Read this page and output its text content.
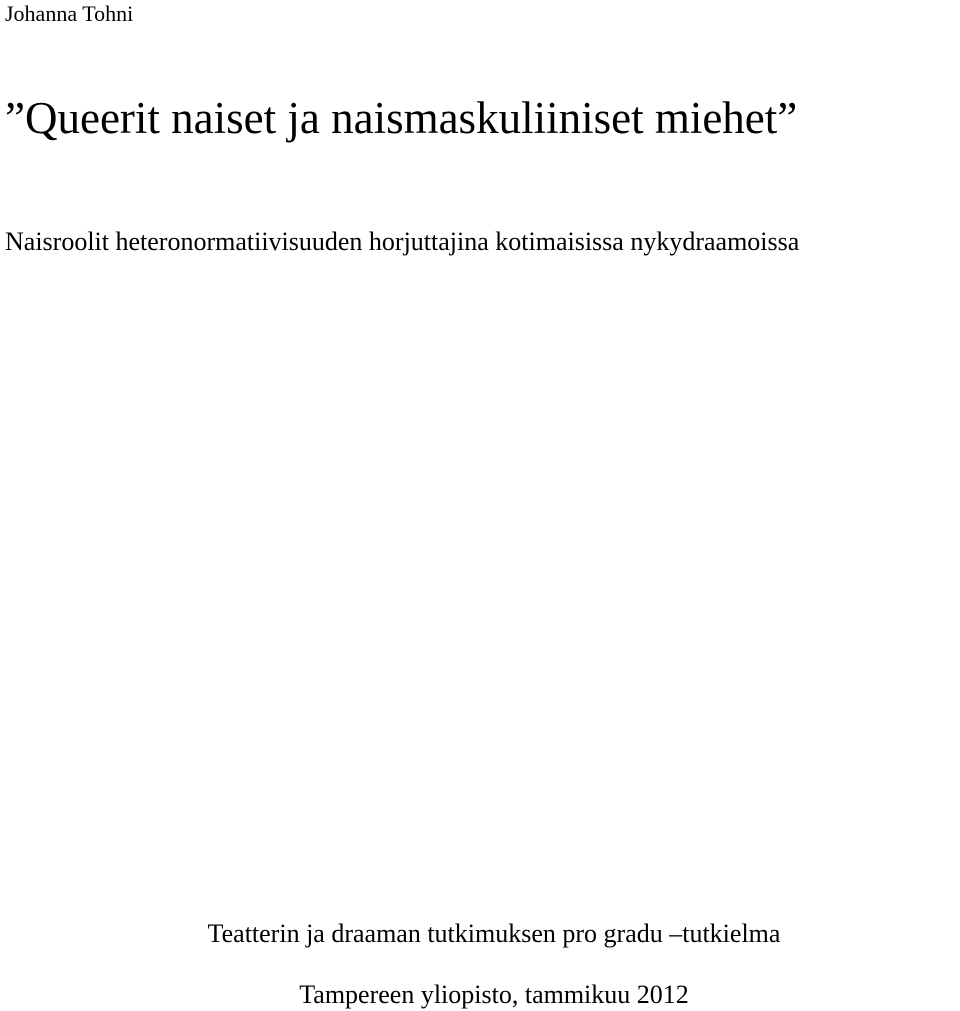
Johanna Tohni
”Queerit naiset ja naismaskuliiniset miehet”
Naisroolit heteronormatiivisuuden horjuttajina kotimaisissa nykydraamoissa
Teatterin ja draaman tutkimuksen pro gradu –tutkielma
Tampereen yliopisto, tammikuu 2012
